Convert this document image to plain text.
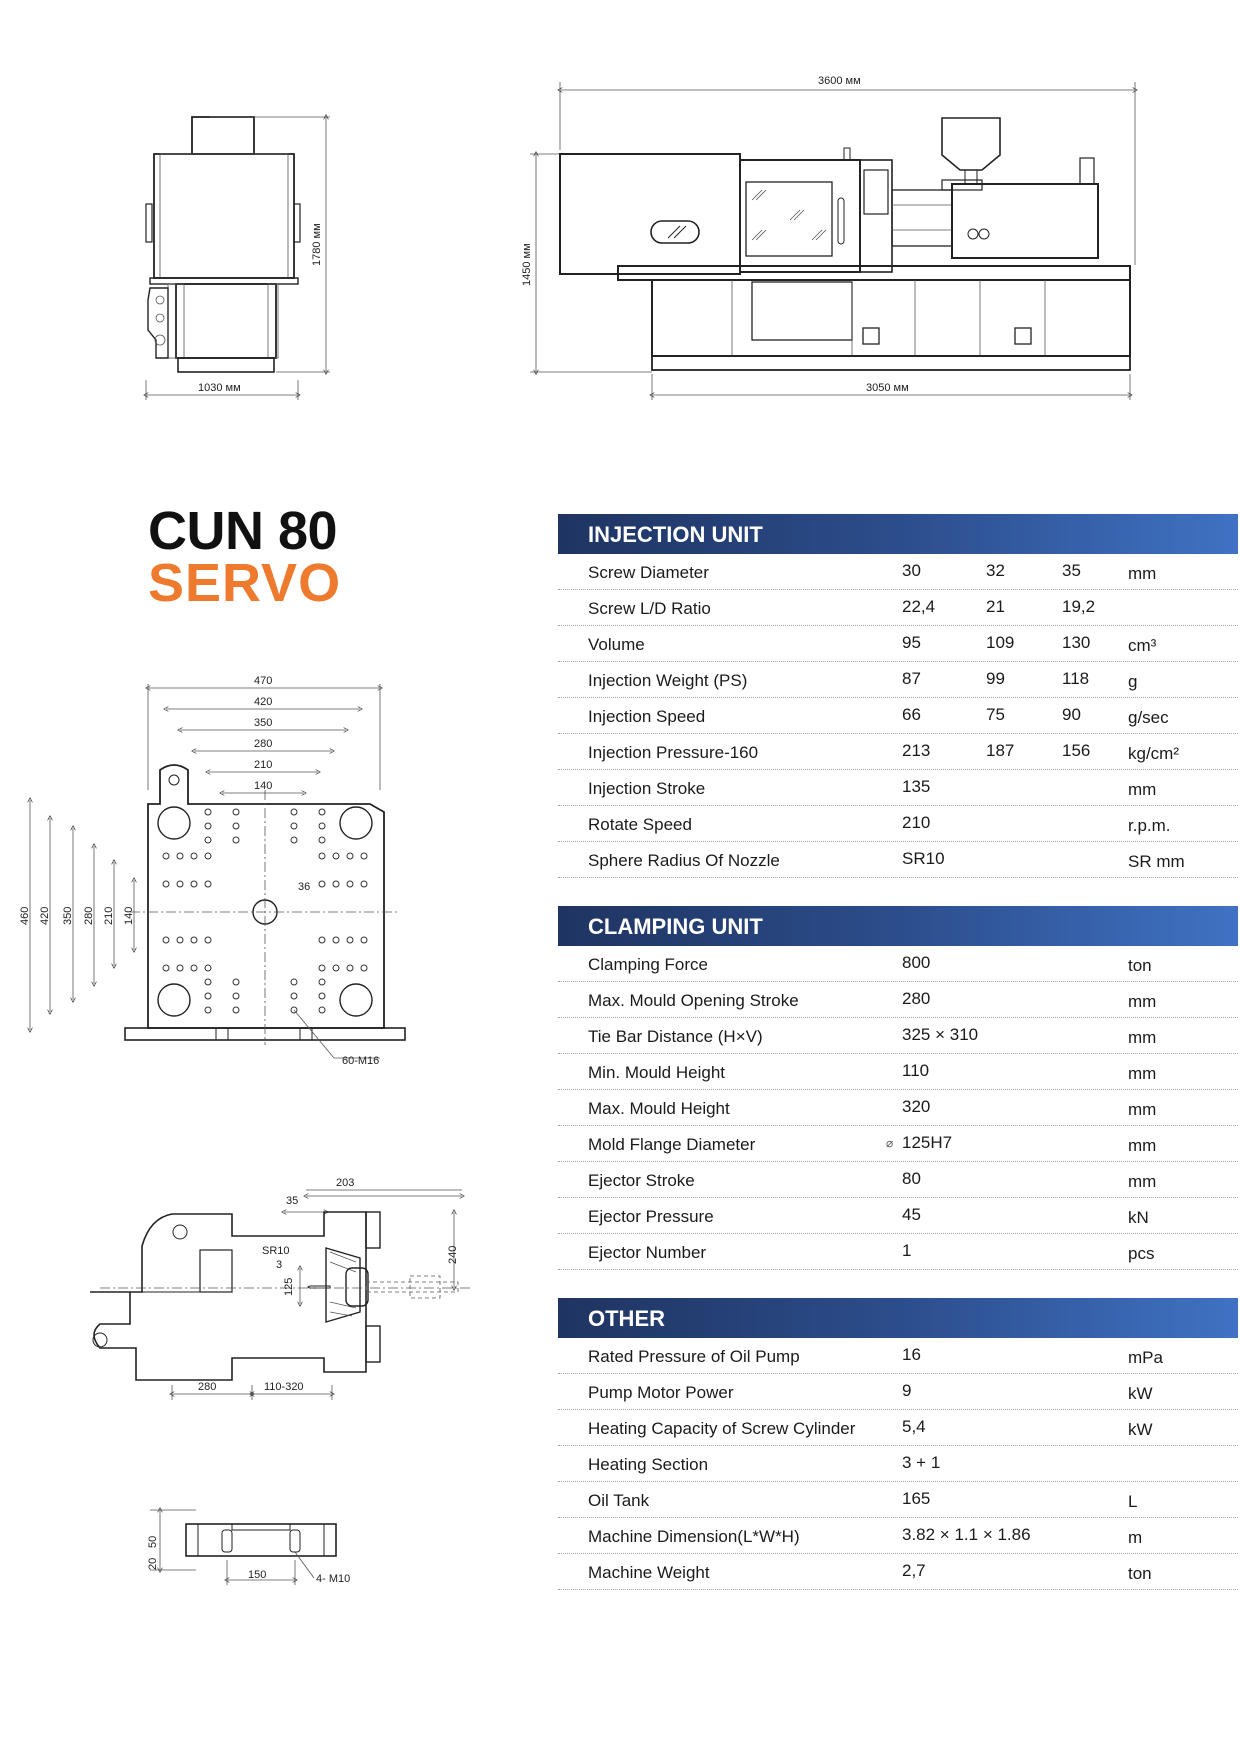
1780 мм
1030 мм
3600 мм
1450 мм
3050 мм
470
420
350
280
210
140
460 420 350 280 210 140
36
60-M16
203
35
SR10
3
125
240
280	110-320
20
50
150	4- M10
CUN 80
SERVO
INJECTION UNIT
Screw Diameter	30	32	35	mm
Screw L/D Ratio	22,4	21	19,2
Volume	95	109	130 cm³
Injection Weight (PS)	87	99	118 g
Injection Speed	66	75	90	g/sec
Injection Pressure-160	213	187	156 kg/cm²
Injection Stroke	135	mm
Rotate Speed	210	r.p.m.
Sphere Radius Of Nozzle	SR10	SR mm
CLAMPING UNIT
Clamping Force	800	ton
Max. Mould Opening Stroke	280	mm
Tie Bar Distance (H×V)	325 × 310	mm
Min. Mould Height	110	mm
Max. Mould Height	320	mm
Mold Flange Diameter	⌀ 125H7	mm
Ejector Stroke	80	mm
Ejector Pressure	45	kN
Ejector Number	1	pcs
OTHER
Rated Pressure of Oil Pump	16	mPa
Pump Motor Power	9	kW
Heating Capacity of Screw Cylinder	5,4	kW
Heating Section	3 + 1
Oil Tank	165	L
Machine Dimension(L*W*H)	3.82 × 1.1 × 1.86	m
Machine Weight	2,7	ton
